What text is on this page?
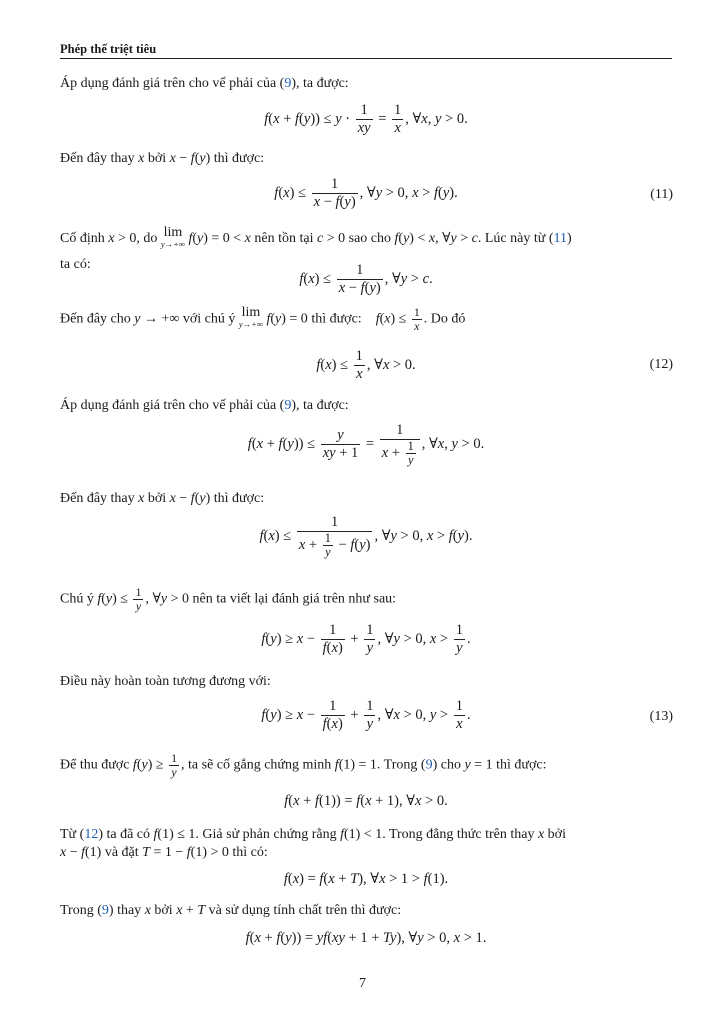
Phép thế triệt tiêu
Áp dụng đánh giá trên cho vế phải của (9), ta được:
$f(x + f(y)) \le y \cdot \frac{1}{xy} = \frac{1}{x}$ , ∀x, y > 0.
Đến đây thay x bởi x − f(y) thì được:
$f(x) \le \frac{1}{x - f(y)}$ , ∀y > 0, x > f(y).	(11)
Cố định x > 0, do lim
y→+∞ f(y) = 0 < x nên tồn tại c > 0 sao cho f(y) < x, ∀y > c. Lúc này từ (11)
ta có:
$f(x) \le \frac{1}{x - f(y)}$ , ∀y > c.
Đến đây cho y → +∞ với chú ý lim
y→+∞ f(y) = 0 thì được: $f(x) \le \frac{1}{x}$ . Do đó
$f(x) \le \frac{1}{x}$ , ∀x > 0.	(12)
Áp dụng đánh giá trên cho vế phải của (9), ta được:
$f(x + f(y)) \le \frac{y}{xy + 1} = \frac{1}{x + \frac{1}{y}}$ , ∀x, y > 0.
Đến đây thay x bởi x − f(y) thì được:
$f(x) \le \frac{1}{x + \frac{1}{y} - f(y)}$ , ∀y > 0, x > f(y).
Chú ý $f(y) \le \frac{1}{y}$ , ∀y > 0 nên ta viết lại đánh giá trên như sau:
$f(y) \ge x - \frac{1}{f(x)} + \frac{1}{y}$ , ∀y > 0, $x > \frac{1}{y}$ .
Điều này hoàn toàn tương đương với:
$f(y) \ge x - \frac{1}{f(x)} + \frac{1}{y}$ , ∀x > 0, $y > \frac{1}{x}$ .	(13)
Để thu được $f(y) \ge \frac{1}{y}$ , ta sẽ cố gắng chứng minh f(1) = 1. Trong (9) cho y = 1 thì được:
f(x + f(1)) = f(x + 1), ∀x > 0.
Từ (12) ta đã có f(1) ≤ 1. Giả sử phản chứng rằng f(1) < 1. Trong đẳng thức trên thay x bởi
x − f(1) và đặt T = 1 − f(1) > 0 thì có:
f(x) = f(x + T), ∀x > 1 > f(1).
Trong (9) thay x bởi x + T và sử dụng tính chất trên thì được:
f(x + f(y)) = yf(xy + 1 + Ty), ∀y > 0, x > 1.
7
